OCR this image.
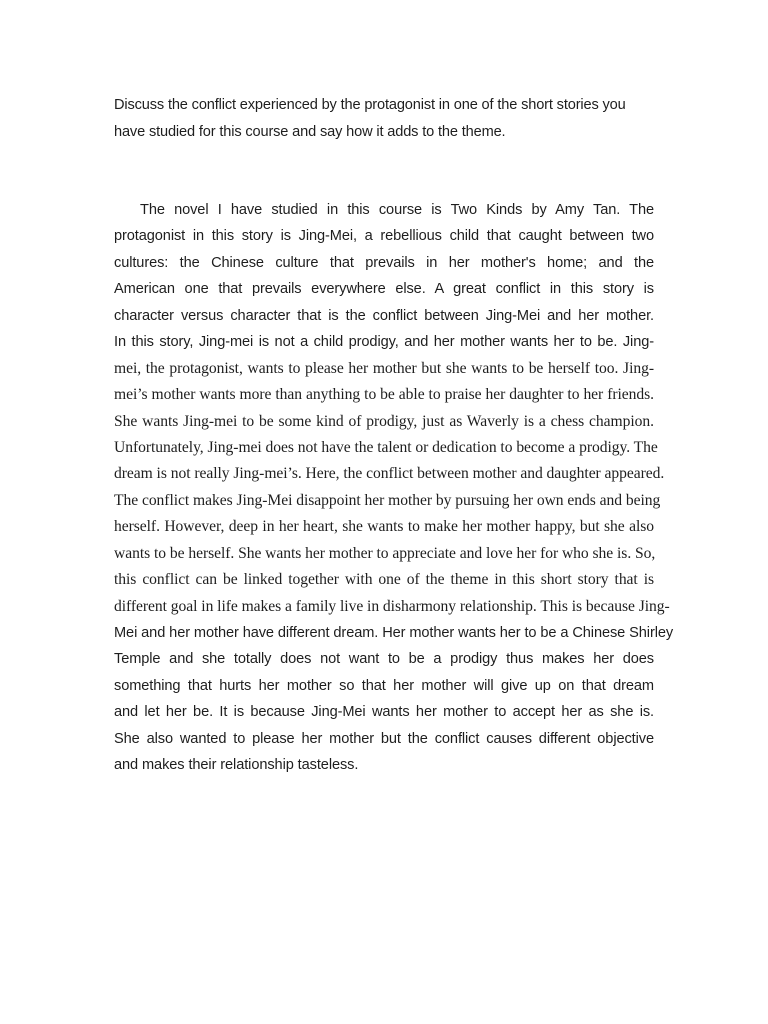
Discuss the conflict experienced by the protagonist in one of the short stories you
have studied for this course and say how it adds to the theme.
The novel I have studied in this course is Two Kinds by Amy Tan. The
protagonist in this story is Jing-Mei, a rebellious child that caught between two
cultures: the Chinese culture that prevails in her mother's home; and the
American one that prevails everywhere else. A great conflict in this story is
character versus character that is the conflict between Jing-Mei and her mother.
In this story, Jing-mei is not a child prodigy, and her mother wants her to be. Jing-
mei, the protagonist, wants to please her mother but she wants to be herself too. Jing-
mei’s mother wants more than anything to be able to praise her daughter to her friends.
She wants Jing-mei to be some kind of prodigy, just as Waverly is a chess champion.
Unfortunately, Jing-mei does not have the talent or dedication to become a prodigy. The
dream is not really Jing-mei’s. Here, the conflict between mother and daughter appeared.
The conflict makes Jing-Mei disappoint her mother by pursuing her own ends and being
herself. However, deep in her heart, she wants to make her mother happy, but she also
wants to be herself. She wants her mother to appreciate and love her for who she is. So,
this conflict can be linked together with one of the theme in this short story that is
different goal in life makes a family live in disharmony relationship. This is because Jing-
Mei and her mother have different dream. Her mother wants her to be a Chinese Shirley
Temple and she totally does not want to be a prodigy thus makes her does
something that hurts her mother so that her mother will give up on that dream
and let her be. It is because Jing-Mei wants her mother to accept her as she is.
She also wanted to please her mother but the conflict causes different objective
and makes their relationship tasteless.
